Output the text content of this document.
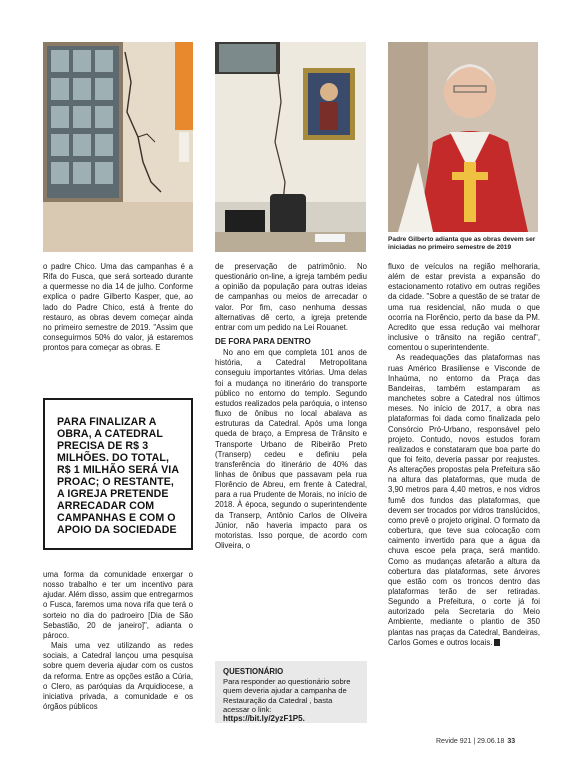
Padre Gilberto adianta que as obras devem ser iniciadas no primeiro semestre de 2019

o padre Chico. Uma das campanhas é a Rifa do Fusca, que será sorteado durante a quermesse no dia 14 de julho. Conforme explica o padre Gilberto Kasper, que, ao lado do Padre Chico, está à frente do restauro, as obras devem começar ainda no primeiro semestre de 2019. "Assim que conseguirmos 50% do valor, já estaremos prontos para começar as obras. E

PARA FINALIZAR A OBRA, A CATEDRAL PRECISA DE R$ 3 MILHÕES. DO TOTAL, R$ 1 MILHÃO SERÁ VIA PROAC; O RESTANTE, A IGREJA PRETENDE ARRECADAR COM CAMPANHAS E COM O APOIO DA SOCIEDADE

uma forma da comunidade enxergar o nosso trabalho e ter um incentivo para ajudar. Além disso, assim que entregarmos o Fusca, faremos uma nova rifa que terá o sorteio no dia do padroeiro [Dia de São Sebastião, 20 de janeiro]", adianta o pároco.

Mais uma vez utilizando as redes sociais, a Catedral lançou uma pesquisa sobre quem deveria ajudar com os custos da reforma. Entre as opções estão a Cúria, o Clero, as paróquias da Arquidiocese, a iniciativa privada, a comunidade e os órgãos públicos

de preservação de patrimônio. No questionário on-line, a igreja também pediu a opinião da população para outras ideias de campanhas ou meios de arrecadar o valor. Por fim, caso nenhuma dessas alternativas dê certo, a igreja pretende entrar com um pedido na Lei Rouanet.

DE FORA PARA DENTRO

No ano em que completa 101 anos de história, a Catedral Metropolitana conseguiu importantes vitórias. Uma delas foi a mudança no itinerário do transporte público no entorno do templo. Segundo estudos realizados pela paróquia, o intenso fluxo de ônibus no local abalava as estruturas da Catedral. Após uma longa queda de braço, a Empresa de Trânsito e Transporte Urbano de Ribeirão Preto (Transerp) cedeu e definiu pela transferência do itinerário de 40% das linhas de ônibus que passavam pela rua Florêncio de Abreu, em frente à Catedral, para a rua Prudente de Morais, no início de 2018. À época, segundo o superintendente da Transerp, Antônio Carlos de Oliveira Júnior, não haveria impacto para os motoristas. Isso porque, de acordo com Oliveira, o

QUESTIONÁRIO
Para responder ao questionário sobre quem deveria ajudar a campanha de Restauração da Catedral , basta acessar o link:
https://bit.ly/2yzF1P5.

fluxo de veículos na região melhoraria, além de estar prevista a expansão do estacionamento rotativo em outras regiões da cidade. "Sobre a questão de se tratar de uma rua residencial, não muda o que ocorria na Florêncio, perto da base da PM. Acredito que essa redução vai melhorar inclusive o trânsito na região central", comentou o superintendente.

As readequações das plataformas nas ruas Américo Brasiliense e Visconde de Inhaúma, no entorno da Praça das Bandeiras, também estamparam as manchetes sobre a Catedral nos últimos meses. No início de 2017, a obra nas plataformas foi dada como finalizada pelo Consórcio Pró-Urbano, responsável pelo projeto. Contudo, novos estudos foram realizados e constataram que boa parte do que foi feito, deveria passar por reajustes. As alterações propostas pela Prefeitura são na altura das plataformas, que muda de 3,90 metros para 4,40 metros, e nos vidros fumê dos fundos das plataformas, que devem ser trocados por vidros translúcidos, como prevê o projeto original. O formato da cobertura, que teve sua colocação com caimento invertido para que a água da chuva escoe pela praça, será mantido. Como as mudanças afetarão a altura da cobertura das plataformas, sete árvores que estão com os troncos dentro das plataformas terão de ser retiradas. Segundo a Prefeitura, o corte já foi autorizado pela Secretaria do Meio Ambiente, mediante o plantio de 350 plantas nas praças da Catedral, Bandeiras, Carlos Gomes e outros locais.

Revide 921 | 29.06.18 33
